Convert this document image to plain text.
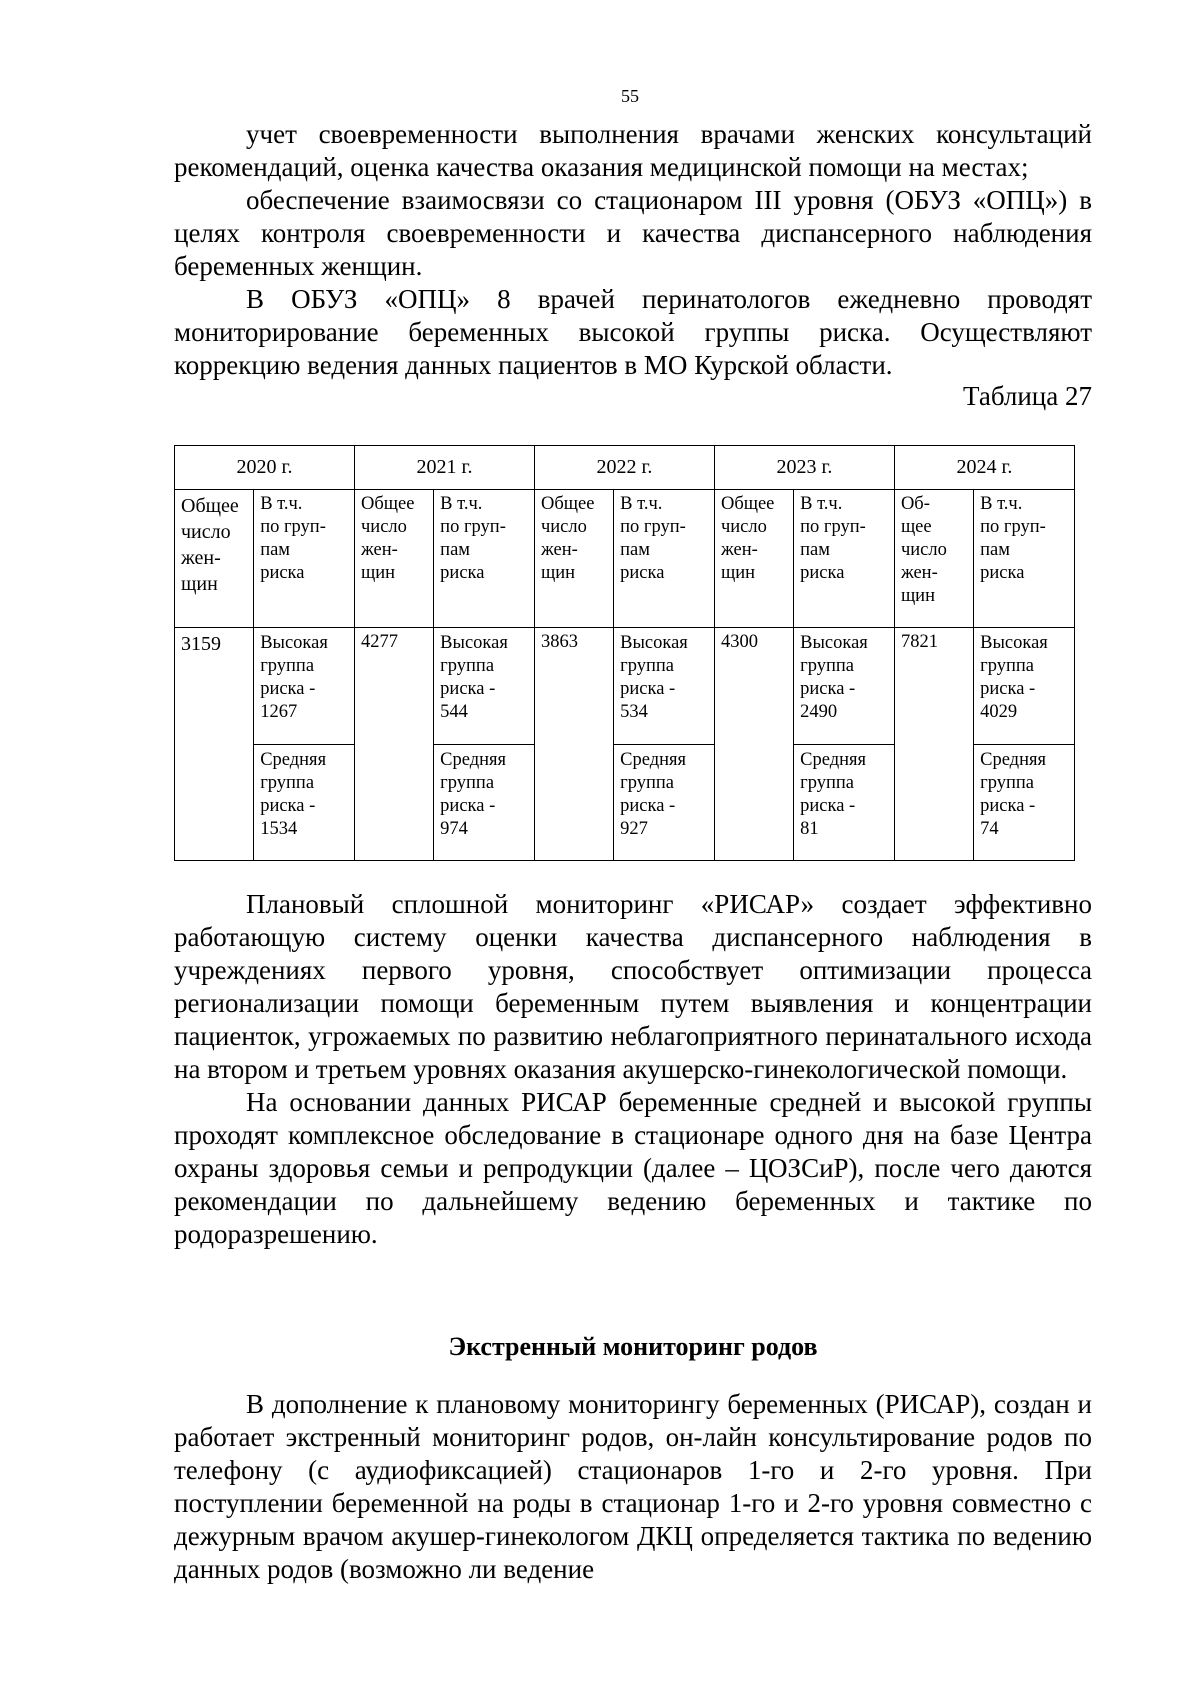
55

учет своевременности выполнения врачами женских консультаций рекомендаций, оценка качества оказания медицинской помощи на местах;

обеспечение взаимосвязи со стационаром III уровня (ОБУЗ «ОПЦ») в целях контроля своевременности и качества диспансерного наблюдения беременных женщин.

В ОБУЗ «ОПЦ» 8 врачей перинатологов ежедневно проводят мониторирование беременных высокой группы риска. Осуществляют коррекцию ведения данных пациентов в МО Курской области.

Таблица 27
2020 г.		2021 г.		2022 г.		2023 г.		2024 г.	

Общее
число
жен-
щин	В т.ч.
по груп-
пам
риска	Общее
число
жен-
щин	В т.ч.
по груп-
пам
риска	Общее
число
жен-
щин	В т.ч.
по груп-
пам
риска	Общее
число
жен-
щин	В т.ч.
по груп-
пам
риска	Об-
щее
число
жен-
щин	В т.ч.
по груп-
пам
риска

3159	Высокая
группа
риска -
1267	4277	Высокая
группа
риска -
544	3863	Высокая
группа
риска -
534	4300	Высокая
группа
риска -
2490	7821	Высокая
группа
риска -
4029

	Средняя
группа
риска -
1534		Средняя
группа
риска -
974		Средняя
группа
риска -
927		Средняя
группа
риска -
81		Средняя
группа
риска -
74

Плановый сплошной мониторинг «РИСАР» создает эффективно работающую систему оценки качества диспансерного наблюдения в учреждениях первого уровня, способствует оптимизации процесса регионализации помощи беременным путем выявления и концентрации пациенток, угрожаемых по развитию неблагоприятного перинатального исхода на втором и третьем уровнях оказания акушерско-гинекологической помощи.

На основании данных РИСАР беременные средней и высокой группы проходят комплексное обследование в стационаре одного дня на базе Центра охраны здоровья семьи и репродукции (далее – ЦОЗСиР), после чего даются рекомендации по дальнейшему ведению беременных и тактике по родоразрешению.

Экстренный мониторинг родов

В дополнение к плановому мониторингу беременных (РИСАР), создан и работает экстренный мониторинг родов, он-лайн консультирование родов по телефону (с аудиофиксацией) стационаров 1-го и 2-го уровня. При поступлении беременной на роды в стационар 1-го и 2-го уровня совместно с дежурным врачом акушер-гинекологом ДКЦ определяется тактика по ведению данных родов (возможно ли ведение
